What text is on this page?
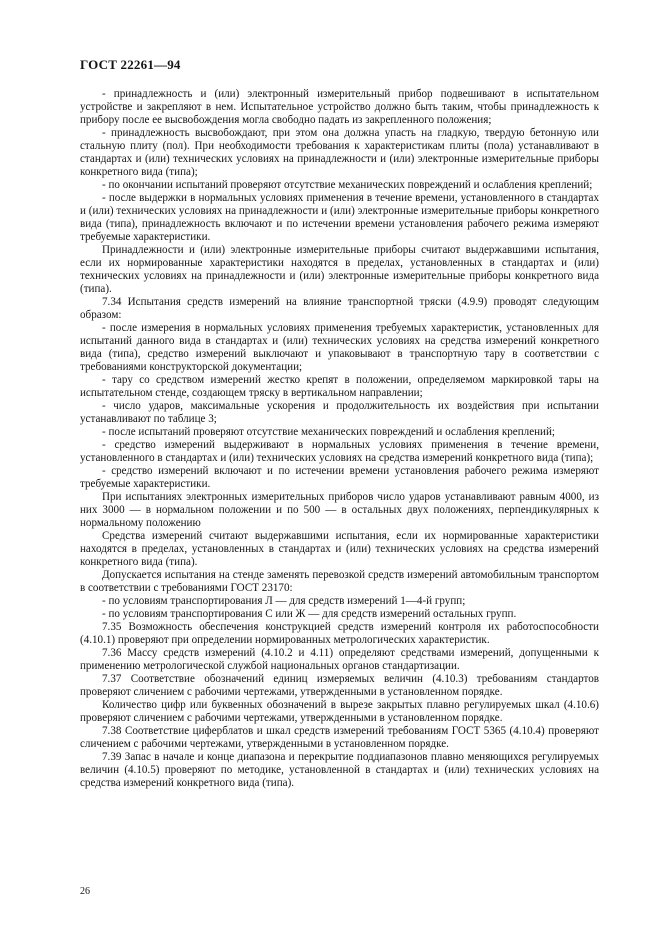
ГОСТ 22261—94

- принадлежность и (или) электронный измерительный прибор подвешивают в испытательном устройстве и закрепляют в нем. Испытательное устройство должно быть таким, чтобы принадлежность к прибору после ее высвобождения могла свободно падать из закрепленного положения;

- принадлежность высвобождают, при этом она должна упасть на гладкую, твердую бетонную или стальную плиту (пол). При необходимости требования к характеристикам плиты (пола) устанавливают в стандартах и (или) технических условиях на принадлежности и (или) электронные измерительные приборы конкретного вида (типа);

- по окончании испытаний проверяют отсутствие механических повреждений и ослабления креплений;

- после выдержки в нормальных условиях применения в течение времени, установленного в стандартах и (или) технических условиях на принадлежности и (или) электронные измерительные приборы конкретного вида (типа), принадлежность включают и по истечении времени установления рабочего режима измеряют требуемые характеристики.

Принадлежности и (или) электронные измерительные приборы считают выдержавшими испытания, если их нормированные характеристики находятся в пределах, установленных в стандартах и (или) технических условиях на принадлежности и (или) электронные измерительные приборы конкретного вида (типа).

7.34 Испытания средств измерений на влияние транспортной тряски (4.9.9) проводят следующим образом:

- после измерения в нормальных условиях применения требуемых характеристик, установленных для испытаний данного вида в стандартах и (или) технических условиях на средства измерений конкретного вида (типа), средство измерений выключают и упаковывают в транспортную тару в соответствии с требованиями конструкторской документации;

- тару со средством измерений жестко крепят в положении, определяемом маркировкой тары на испытательном стенде, создающем тряску в вертикальном направлении;

- число ударов, максимальные ускорения и продолжительность их воздействия при испытании устанавливают по таблице 3;

- после испытаний проверяют отсутствие механических повреждений и ослабления креплений;

- средство измерений выдерживают в нормальных условиях применения в течение времени, установленного в стандартах и (или) технических условиях на средства измерений конкретного вида (типа);

- средство измерений включают и по истечении времени установления рабочего режима измеряют требуемые характеристики.

При испытаниях электронных измерительных приборов число ударов устанавливают равным 4000, из них 3000 — в нормальном положении и по 500 — в остальных двух положениях, перпендикулярных к нормальному положению

Средства измерений считают выдержавшими испытания, если их нормированные характеристики находятся в пределах, установленных в стандартах и (или) технических условиях на средства измерений конкретного вида (типа).

Допускается испытания на стенде заменять перевозкой средств измерений автомобильным транспортом в соответствии с требованиями ГОСТ 23170:

- по условиям транспортирования Л — для средств измерений 1—4-й групп;

- по условиям транспортирования С или Ж — для средств измерений остальных групп.

7.35 Возможность обеспечения конструкцией средств измерений контроля их работоспособности (4.10.1) проверяют при определении нормированных метрологических характеристик.

7.36 Массу средств измерений (4.10.2 и 4.11) определяют средствами измерений, допущенными к применению метрологической службой национальных органов стандартизации.

7.37 Соответствие обозначений единиц измеряемых величин (4.10.3) требованиям стандартов проверяют сличением с рабочими чертежами, утвержденными в установленном порядке.

Количество цифр или буквенных обозначений в вырезе закрытых плавно регулируемых шкал (4.10.6) проверяют сличением с рабочими чертежами, утвержденными в установленном порядке.

7.38 Соответствие циферблатов и шкал средств измерений требованиям ГОСТ 5365 (4.10.4) проверяют сличением с рабочими чертежами, утвержденными в установленном порядке.

7.39 Запас в начале и конце диапазона и перекрытие поддиапазонов плавно меняющихся регулируемых величин (4.10.5) проверяют по методике, установленной в стандартах и (или) технических условиях на средства измерений конкретного вида (типа).

26
